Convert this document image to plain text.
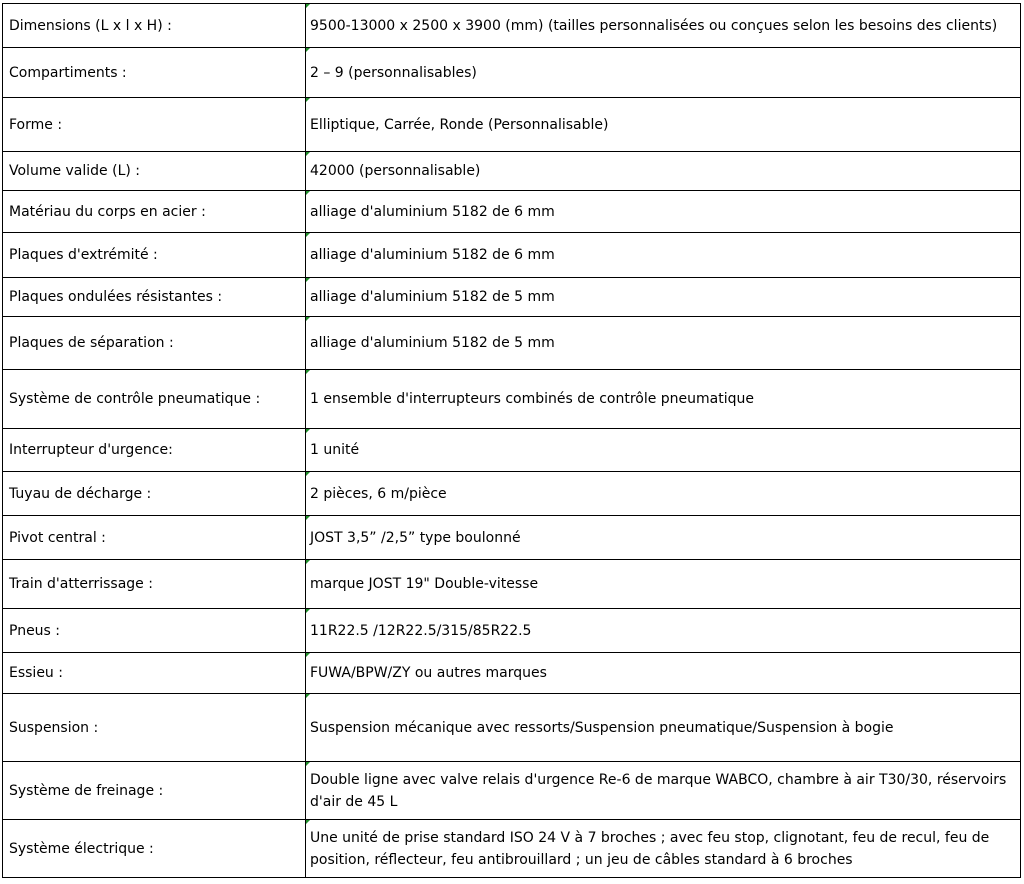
Dimensions (L x l x H) :	9500-13000 x 2500 x 3900 (mm) (tailles personnalisées ou conçues selon les besoins des clients)
Compartiments :	2 – 9 (personnalisables)
Forme :	Elliptique, Carrée, Ronde (Personnalisable)
Volume valide (L) :	42000 (personnalisable)
Matériau du corps en acier :	alliage d'aluminium 5182 de 6 mm
Plaques d'extrémité :	alliage d'aluminium 5182 de 6 mm
Plaques ondulées résistantes :	alliage d'aluminium 5182 de 5 mm
Plaques de séparation :	alliage d'aluminium 5182 de 5 mm
Système de contrôle pneumatique :	1 ensemble d'interrupteurs combinés de contrôle pneumatique
Interrupteur d'urgence:	1 unité
Tuyau de décharge :	2 pièces, 6 m/pièce
Pivot central :	JOST 3,5” /2,5” type boulonné
Train d'atterrissage :	marque JOST 19" Double-vitesse
Pneus :	11R22.5 /12R22.5/315/85R22.5
Essieu :	FUWA/BPW/ZY ou autres marques
Suspension :	Suspension mécanique avec ressorts/Suspension pneumatique/Suspension à bogie
Système de freinage :	Double ligne avec valve relais d'urgence Re-6 de marque WABCO, chambre à air T30/30, réservoirs d'air de 45 L
Système électrique :	Une unité de prise standard ISO 24 V à 7 broches ; avec feu stop, clignotant, feu de recul, feu de position, réflecteur, feu antibrouillard ; un jeu de câbles standard à 6 broches
